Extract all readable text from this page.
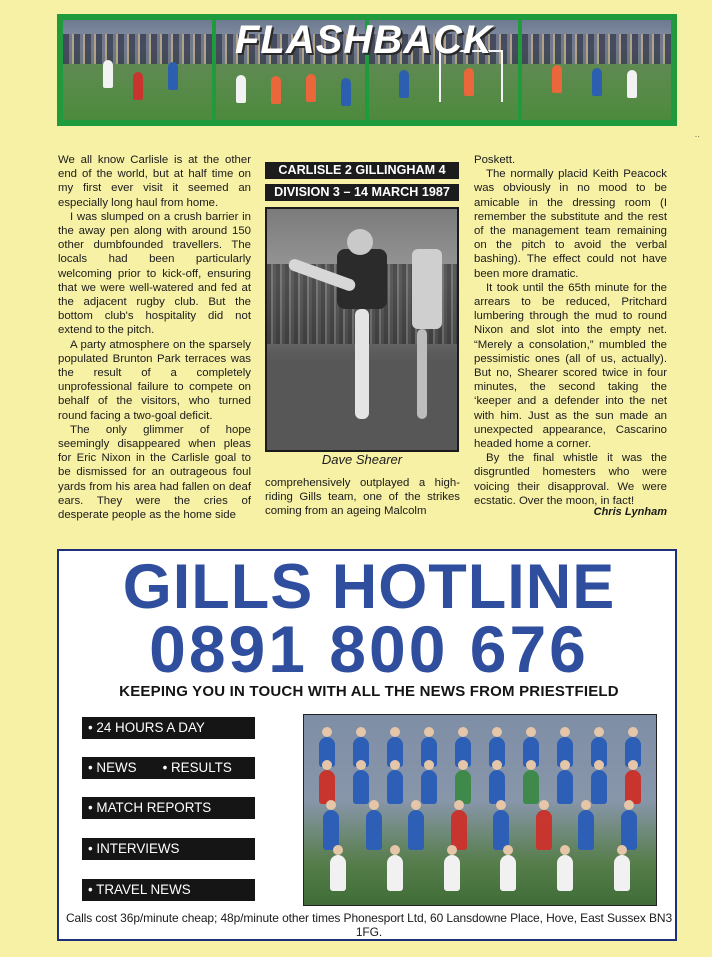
FLASHBACK
··

We all know Carlisle is at the other end of the world, but at half time on my first ever visit it seemed an especially long haul from home.

I was slumped on a crush barrier in the away pen along with around 150 other dumbfounded travellers. The locals had been particularly welcoming prior to kick-off, ensuring that we were well-watered and fed at the adjacent rugby club. But the bottom club's hospitality did not extend to the pitch.

A party atmosphere on the sparsely populated Brunton Park terraces was the result of a completely unprofessional failure to compete on behalf of the visitors, who turned round facing a two-goal deficit.

The only glimmer of hope seemingly disappeared when pleas for Eric Nixon in the Carlisle goal to be dismissed for an outrageous foul yards from his area had fallen on deaf ears. They were the cries of desperate people as the home side

CARLISLE 2 GILLINGHAM 4
DIVISION 3 – 14 MARCH 1987
Dave Shearer

comprehensively outplayed a high-riding Gills team, one of the strikes coming from an ageing Malcolm

Poskett.

The normally placid Keith Peacock was obviously in no mood to be amicable in the dressing room (I remember the substitute and the rest of the management team remaining on the pitch to avoid the verbal bashing). The effect could not have been more dramatic.

It took until the 65th minute for the arrears to be reduced, Pritchard lumbering through the mud to round Nixon and slot into the empty net. “Merely a consolation,” mumbled the pessimistic ones (all of us, actually). But no, Shearer scored twice in four minutes, the second taking the ‘keeper and a defender into the net with him. Just as the sun made an unexpected appearance, Cascarino headed home a corner.

By the final whistle it was the disgruntled homesters who were voicing their disapproval. We were ecstatic. Over the moon, in fact!

Chris Lynham
GILLS HOTLINE
0891 800 676
KEEPING YOU IN TOUCH WITH ALL THE NEWS FROM PRIESTFIELD
• 24 HOURS A DAY
• NEWS • RESULTS
• MATCH REPORTS
• INTERVIEWS
• TRAVEL NEWS
Calls cost 36p/minute cheap; 48p/minute other times Phonesport Ltd, 60 Lansdowne Place, Hove, East Sussex BN3 1FG.
